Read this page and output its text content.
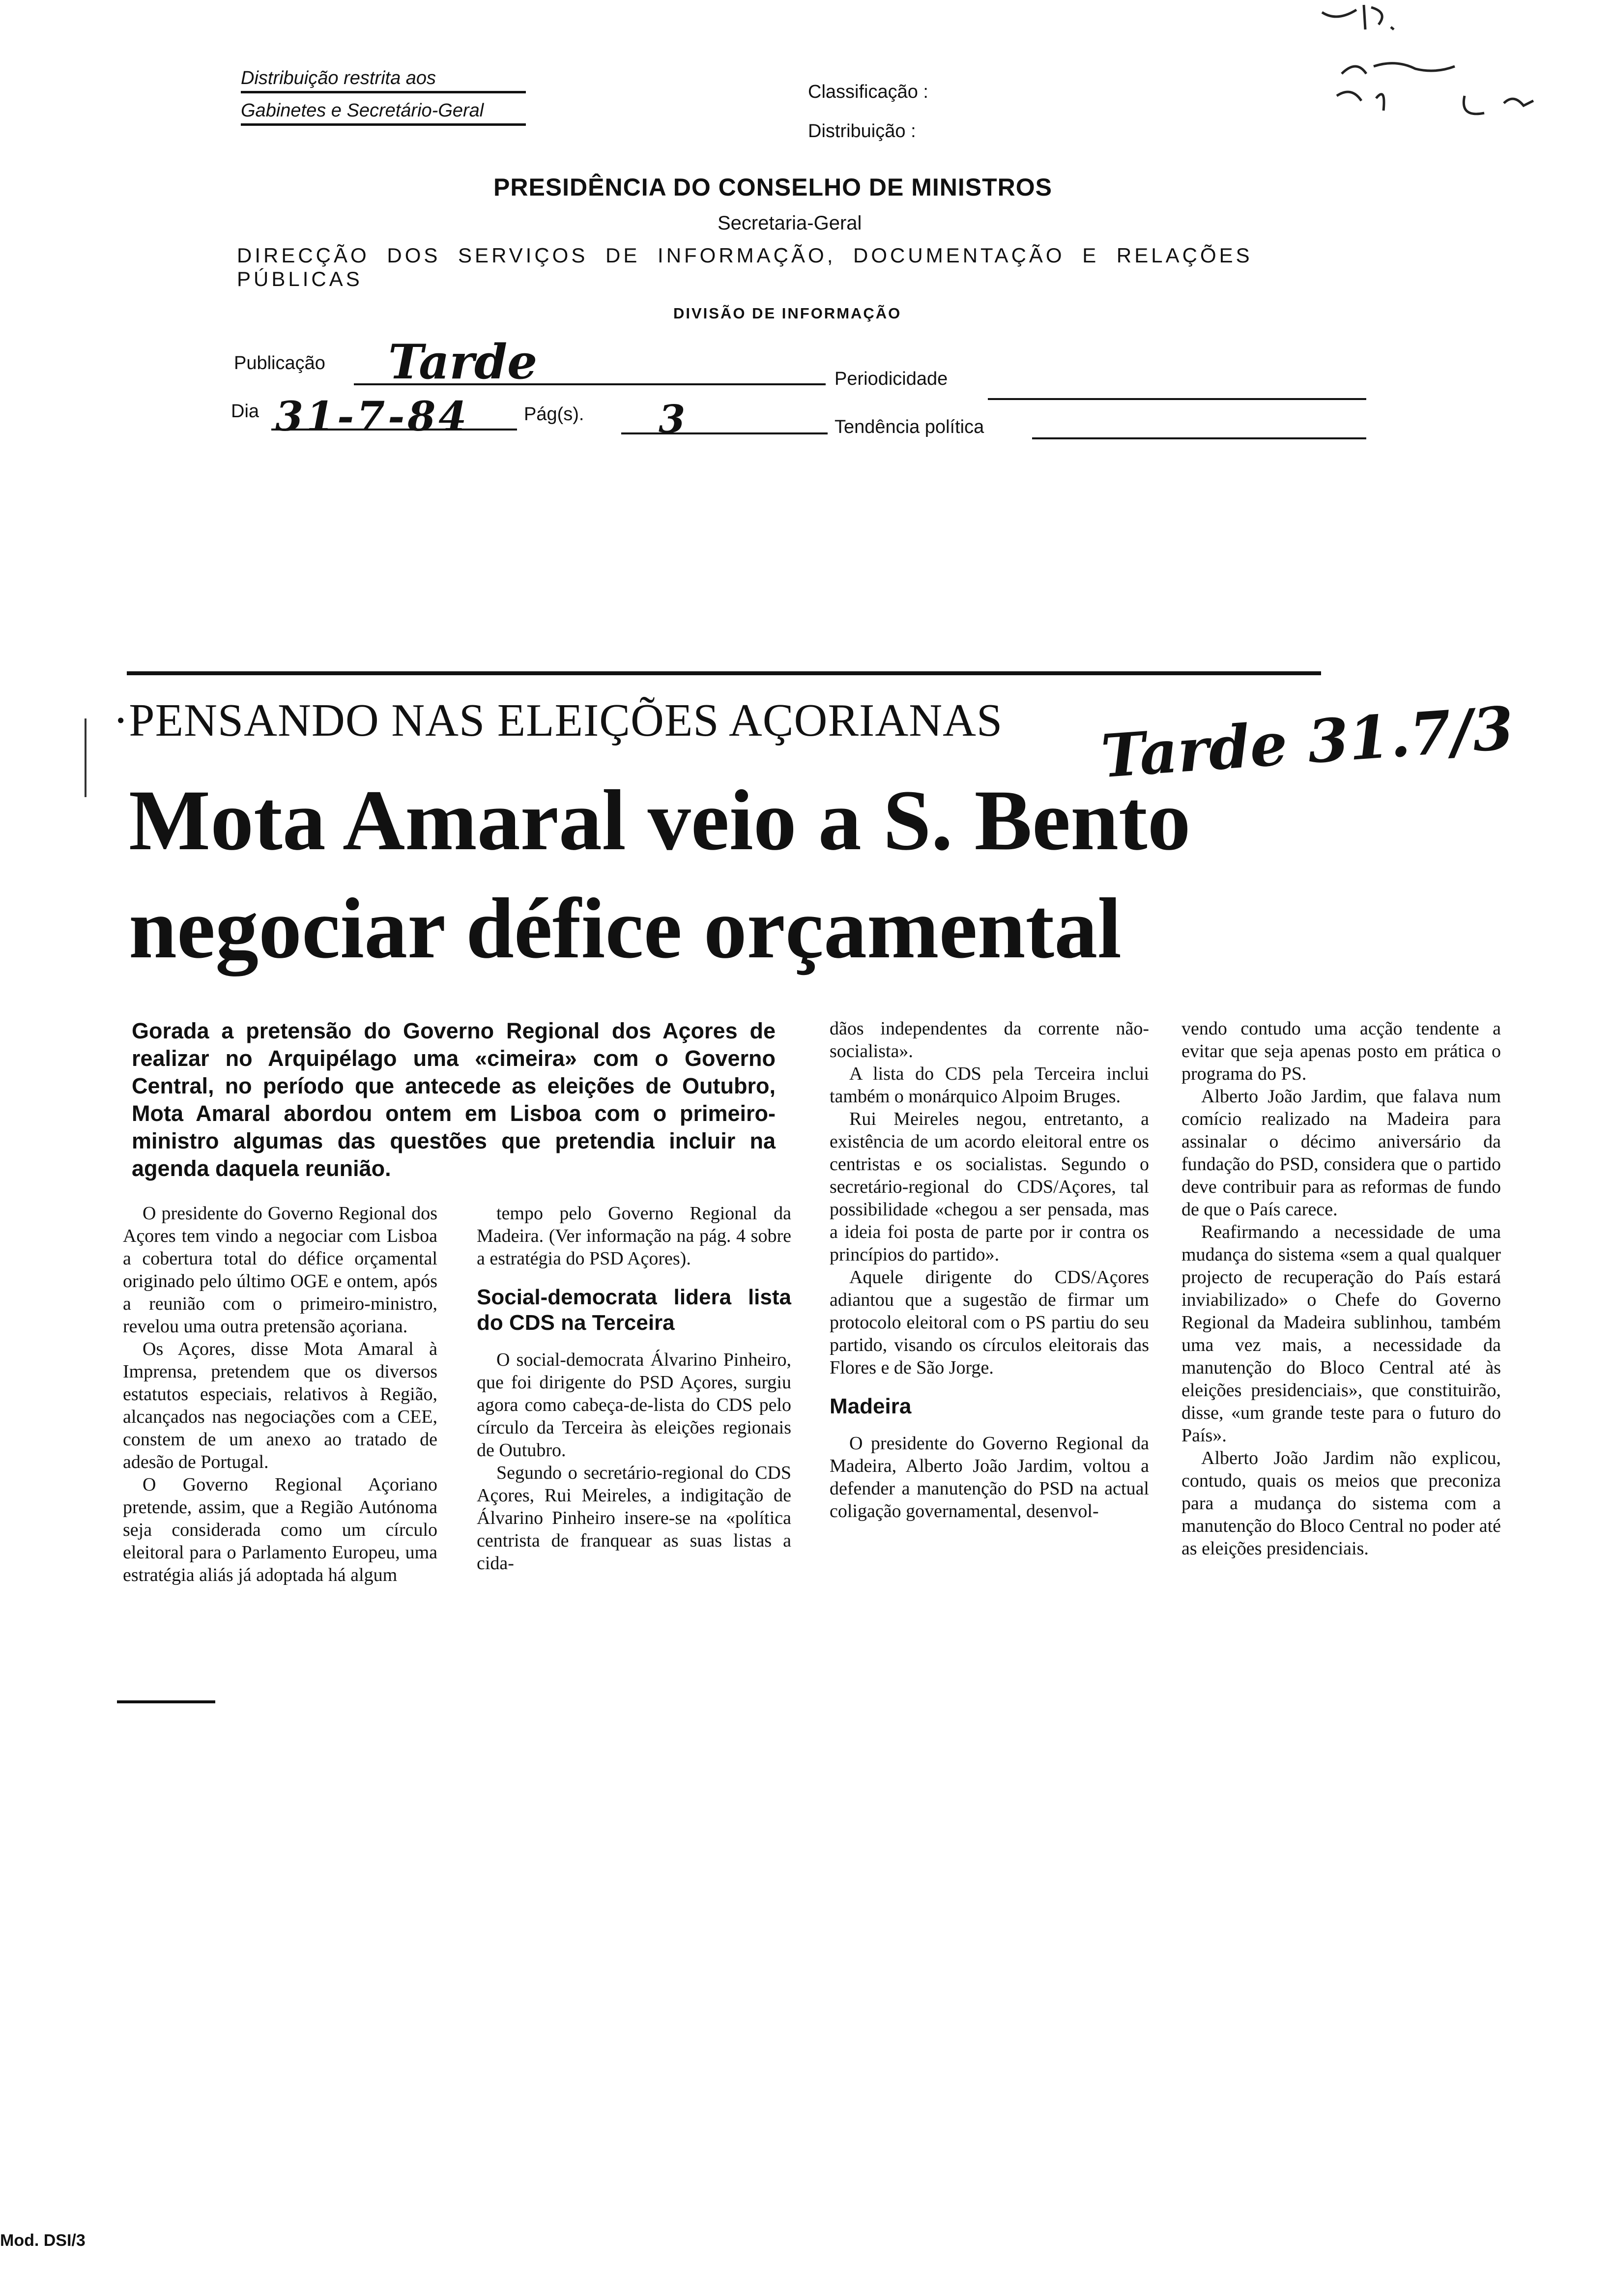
Distribuição restrita aos
Gabinetes e Secretário-Geral
Classificação :
Distribuição :
PRESIDÊNCIA DO CONSELHO DE MINISTROS
Secretaria-Geral
DIRECÇÃO DOS SERVIÇOS DE INFORMAÇÃO, DOCUMENTAÇÃO E RELAÇÕES PÚBLICAS
DIVISÃO DE INFORMAÇÃO
Publicação Tarde	Periodicidade
Dia 31-7-84	Pág(s). 3	Tendência política
·PENSANDO NAS ELEIÇÕES AÇORIANAS
Mota Amaral veio a S. Bento
negociar défice orçamental
Tarde 31.7/3
Gorada a pretensão do Governo Regional dos Açores de realizar no Arquipélago uma «cimeira» com o Governo Central, no período que antecede as eleições de Outubro, Mota Amaral abordou ontem em Lisboa com o primeiro-ministro algumas das questões que pretendia incluir na agenda daquela reunião.

O presidente do Governo Regional dos Açores tem vindo a negociar com Lisboa a cobertura total do défice orçamental originado pelo último OGE e ontem, após a reunião com o primeiro-ministro, revelou uma outra pretensão açoriana.

Os Açores, disse Mota Amaral à Imprensa, pretendem que os diversos estatutos especiais, relativos à Região, alcançados nas negociações com a CEE, constem de um anexo ao tratado de adesão de Portugal.

O Governo Regional Açoriano pretende, assim, que a Região Autónoma seja considerada como um círculo eleitoral para o Parlamento Europeu, uma estratégia aliás já adoptada há algum

tempo pelo Governo Regional da Madeira. (Ver informação na pág. 4 sobre a estratégia do PSD Açores).

Social-democrata lidera lista do CDS na Terceira

O social-democrata Álvarino Pinheiro, que foi dirigente do PSD Açores, surgiu agora como cabeça-de-lista do CDS pelo círculo da Terceira às eleições regionais de Outubro.

Segundo o secretário-regional do CDS Açores, Rui Meireles, a indigitação de Álvarino Pinheiro insere-se na «política centrista de franquear as suas listas a cida-

dãos independentes da corrente não-socialista».

A lista do CDS pela Terceira inclui também o monárquico Alpoim Bruges.

Rui Meireles negou, entretanto, a existência de um acordo eleitoral entre os centristas e os socialistas. Segundo o secretário-regional do CDS/Açores, tal possibilidade «chegou a ser pensada, mas a ideia foi posta de parte por ir contra os princípios do partido».

Aquele dirigente do CDS/Açores adiantou que a sugestão de firmar um protocolo eleitoral com o PS partiu do seu partido, visando os círculos eleitorais das Flores e de São Jorge.

Madeira

O presidente do Governo Regional da Madeira, Alberto João Jardim, voltou a defender a manutenção do PSD na actual coligação governamental, desenvol-

vendo contudo uma acção tendente a evitar que seja apenas posto em prática o programa do PS.

Alberto João Jardim, que falava num comício realizado na Madeira para assinalar o décimo aniversário da fundação do PSD, considera que o partido deve contribuir para as reformas de fundo de que o País carece.

Reafirmando a necessidade de uma mudança do sistema «sem a qual qualquer projecto de recuperação do País estará inviabilizado» o Chefe do Governo Regional da Madeira sublinhou, também uma vez mais, a necessidade da manutenção do Bloco Central até às eleições presidenciais», que constituirão, disse, «um grande teste para o futuro do País».

Alberto João Jardim não explicou, contudo, quais os meios que preconiza para a mudança do sistema com a manutenção do Bloco Central no poder até as eleições presidenciais.

Mod. DSI/3
